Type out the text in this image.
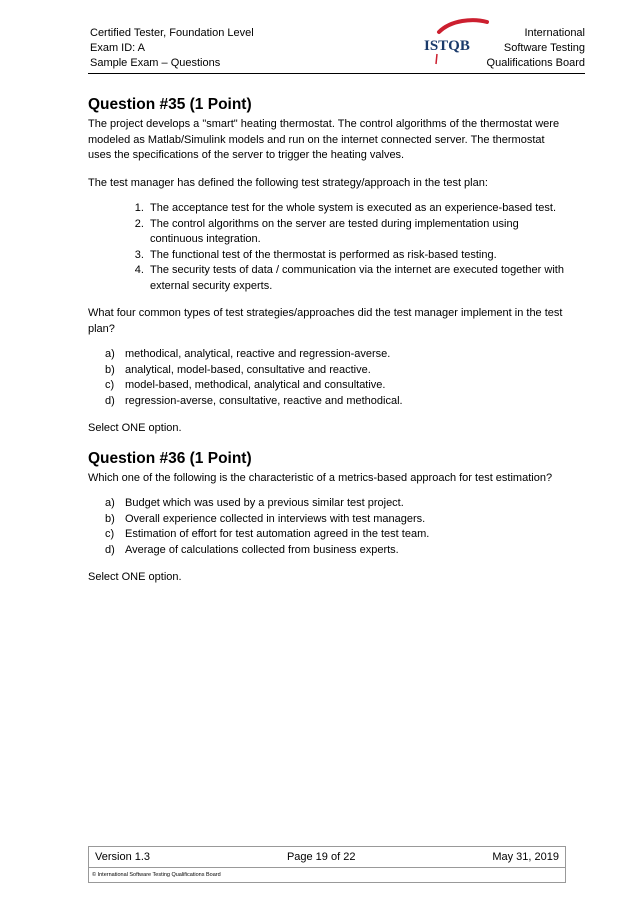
Certified Tester, Foundation Level
Exam ID: A
Sample Exam – Questions
ISTQB
International
Software Testing
Qualifications Board
Question #35 (1 Point)

The project develops a "smart" heating thermostat. The control algorithms of the thermostat were modeled as Matlab/Simulink models and run on the internet connected server. The thermostat uses the specifications of the server to trigger the heating valves.

The test manager has defined the following test strategy/approach in the test plan:

1. The acceptance test for the whole system is executed as an experience-based test.
2. The control algorithms on the server are tested during implementation using continuous integration.
3. The functional test of the thermostat is performed as risk-based testing.
4. The security tests of data / communication via the internet are executed together with external security experts.

What four common types of test strategies/approaches did the test manager implement in the test plan?

a) methodical, analytical, reactive and regression-averse.
b) analytical, model-based, consultative and reactive.
c) model-based, methodical, analytical and consultative.
d) regression-averse, consultative, reactive and methodical.

Select ONE option.

Question #36 (1 Point)

Which one of the following is the characteristic of a metrics-based approach for test estimation?

a) Budget which was used by a previous similar test project.
b) Overall experience collected in interviews with test managers.
c) Estimation of effort for test automation agreed in the test team.
d) Average of calculations collected from business experts.

Select ONE option.

Version 1.3	Page 19 of 22	May 31, 2019
© International Software Testing Qualifications Board
